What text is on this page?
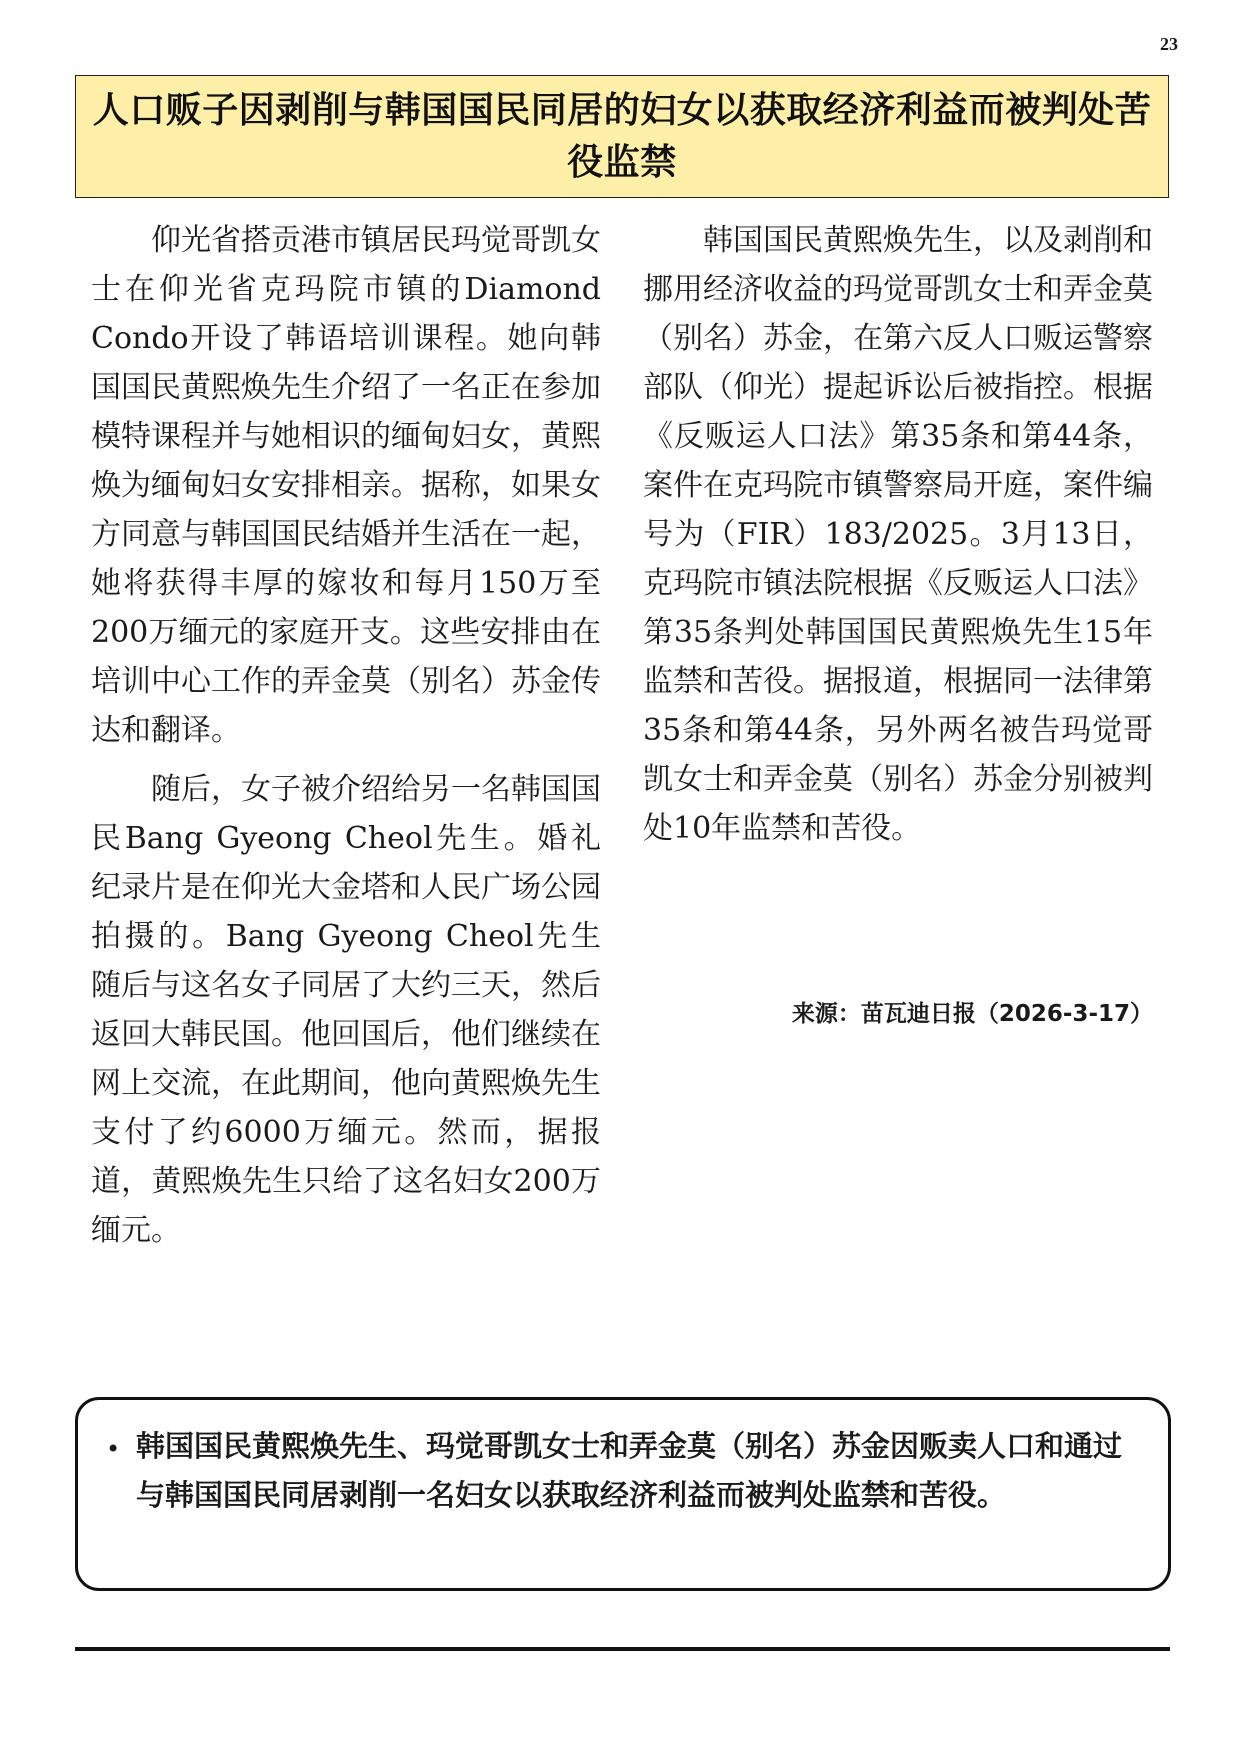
23
人口贩子因剥削与韩国国民同居的妇女以获取经济利益而被判处苦役监禁

仰光省搭贡港市镇居民玛觉哥凯女士在仰光省克玛院市镇的Diamond Condo开设了韩语培训课程。她向韩国国民黄熙焕先生介绍了一名正在参加模特课程并与她相识的缅甸妇女，黄熙焕为缅甸妇女安排相亲。据称，如果女方同意与韩国国民结婚并生活在一起，她将获得丰厚的嫁妆和每月150万至200万缅元的家庭开支。这些安排由在培训中心工作的弄金莫（别名）苏金传达和翻译。

随后，女子被介绍给另一名韩国国民Bang Gyeong Cheol先生。婚礼纪录片是在仰光大金塔和人民广场公园拍摄的。Bang Gyeong Cheol先生随后与这名女子同居了大约三天，然后返回大韩民国。他回国后，他们继续在网上交流，在此期间，他向黄熙焕先生支付了约6000万缅元。然而，据报道，黄熙焕先生只给了这名妇女200万缅元。

韩国国民黄熙焕先生，以及剥削和挪用经济收益的玛觉哥凯女士和弄金莫（别名）苏金，在第六反人口贩运警察部队（仰光）提起诉讼后被指控。根据《反贩运人口法》第35条和第44条，案件在克玛院市镇警察局开庭，案件编号为（FIR）183/2025。3月13日，克玛院市镇法院根据《反贩运人口法》第35条判处韩国国民黄熙焕先生15年监禁和苦役。据报道，根据同一法律第35条和第44条，另外两名被告玛觉哥凯女士和弄金莫（别名）苏金分别被判处10年监禁和苦役。

来源：苗瓦迪日报（2026-3-17）
• 韩国国民黄熙焕先生、玛觉哥凯女士和弄金莫（别名）苏金因贩卖人口和通过与韩国国民同居剥削一名妇女以获取经济利益而被判处监禁和苦役。
